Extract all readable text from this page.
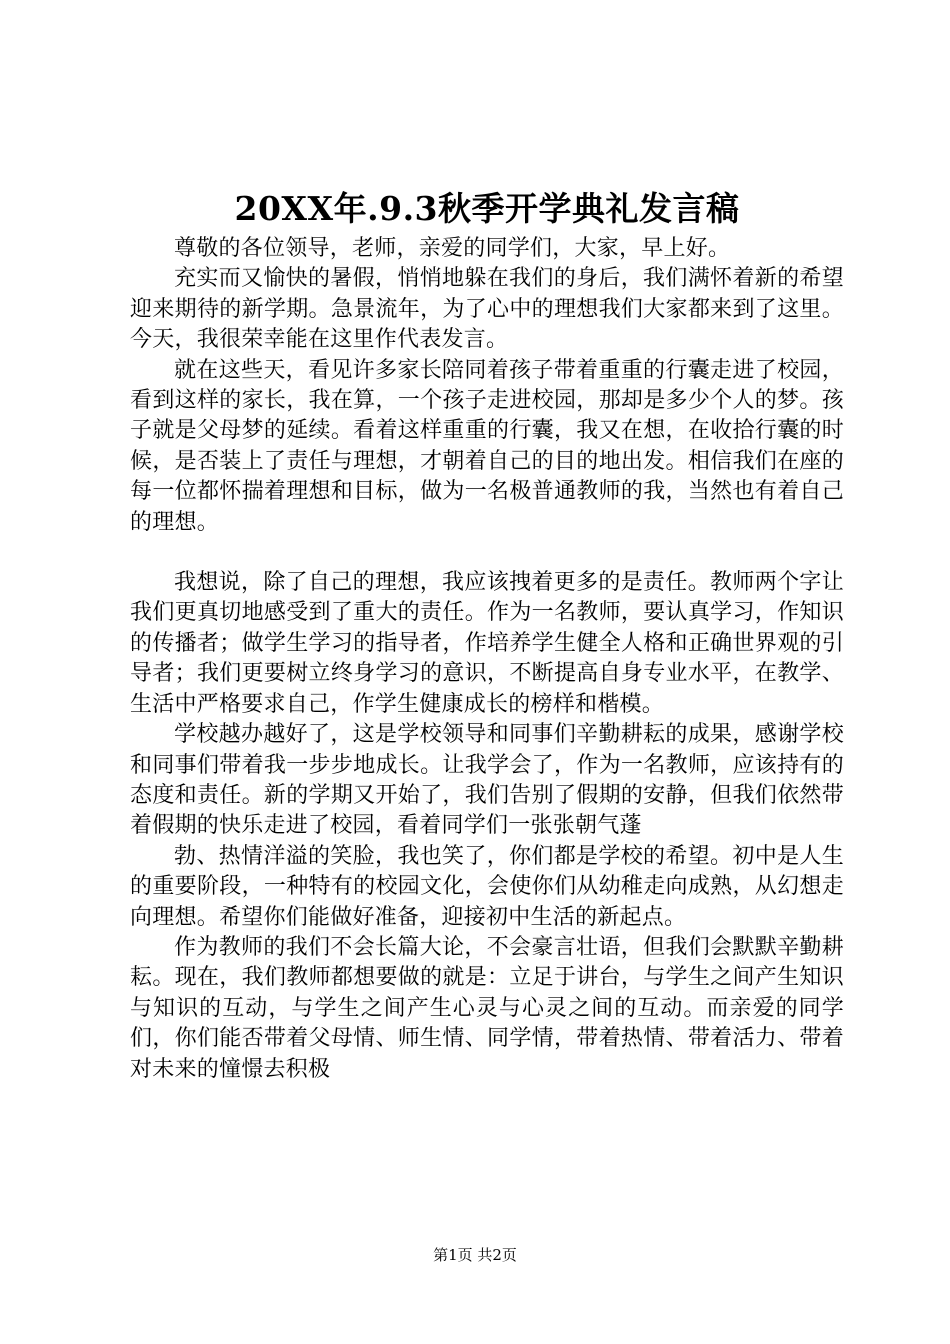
20XX年.9.3秋季开学典礼发言稿

尊敬的各位领导，老师，亲爱的同学们，大家，早上好。

充实而又愉快的暑假，悄悄地躲在我们的身后，我们满怀着新的希望迎来期待的新学期。急景流年，为了心中的理想我们大家都来到了这里。今天，我很荣幸能在这里作代表发言。

就在这些天，看见许多家长陪同着孩子带着重重的行囊走进了校园，看到这样的家长，我在算，一个孩子走进校园，那却是多少个人的梦。孩子就是父母梦的延续。看着这样重重的行囊，我又在想，在收拾行囊的时候，是否装上了责任与理想，才朝着自己的目的地出发。相信我们在座的每一位都怀揣着理想和目标，做为一名极普通教师的我，当然也有着自己的理想。

我想说，除了自己的理想，我应该拽着更多的是责任。教师两个字让我们更真切地感受到了重大的责任。作为一名教师，要认真学习，作知识的传播者；做学生学习的指导者，作培养学生健全人格和正确世界观的引导者；我们更要树立终身学习的意识，不断提高自身专业水平，在教学、生活中严格要求自己，作学生健康成长的榜样和楷模。

学校越办越好了，这是学校领导和同事们辛勤耕耘的成果，感谢学校和同事们带着我一步步地成长。让我学会了，作为一名教师，应该持有的态度和责任。新的学期又开始了，我们告别了假期的安静，但我们依然带着假期的快乐走进了校园，看着同学们一张张朝气蓬

勃、热情洋溢的笑脸，我也笑了，你们都是学校的希望。初中是人生的重要阶段，一种特有的校园文化，会使你们从幼稚走向成熟，从幻想走向理想。希望你们能做好准备，迎接初中生活的新起点。

作为教师的我们不会长篇大论，不会豪言壮语，但我们会默默辛勤耕耘。现在，我们教师都想要做的就是：立足于讲台，与学生之间产生知识与知识的互动，与学生之间产生心灵与心灵之间的互动。而亲爱的同学们，你们能否带着父母情、师生情、同学情，带着热情、带着活力、带着对未来的憧憬去积极

第1页 共2页
